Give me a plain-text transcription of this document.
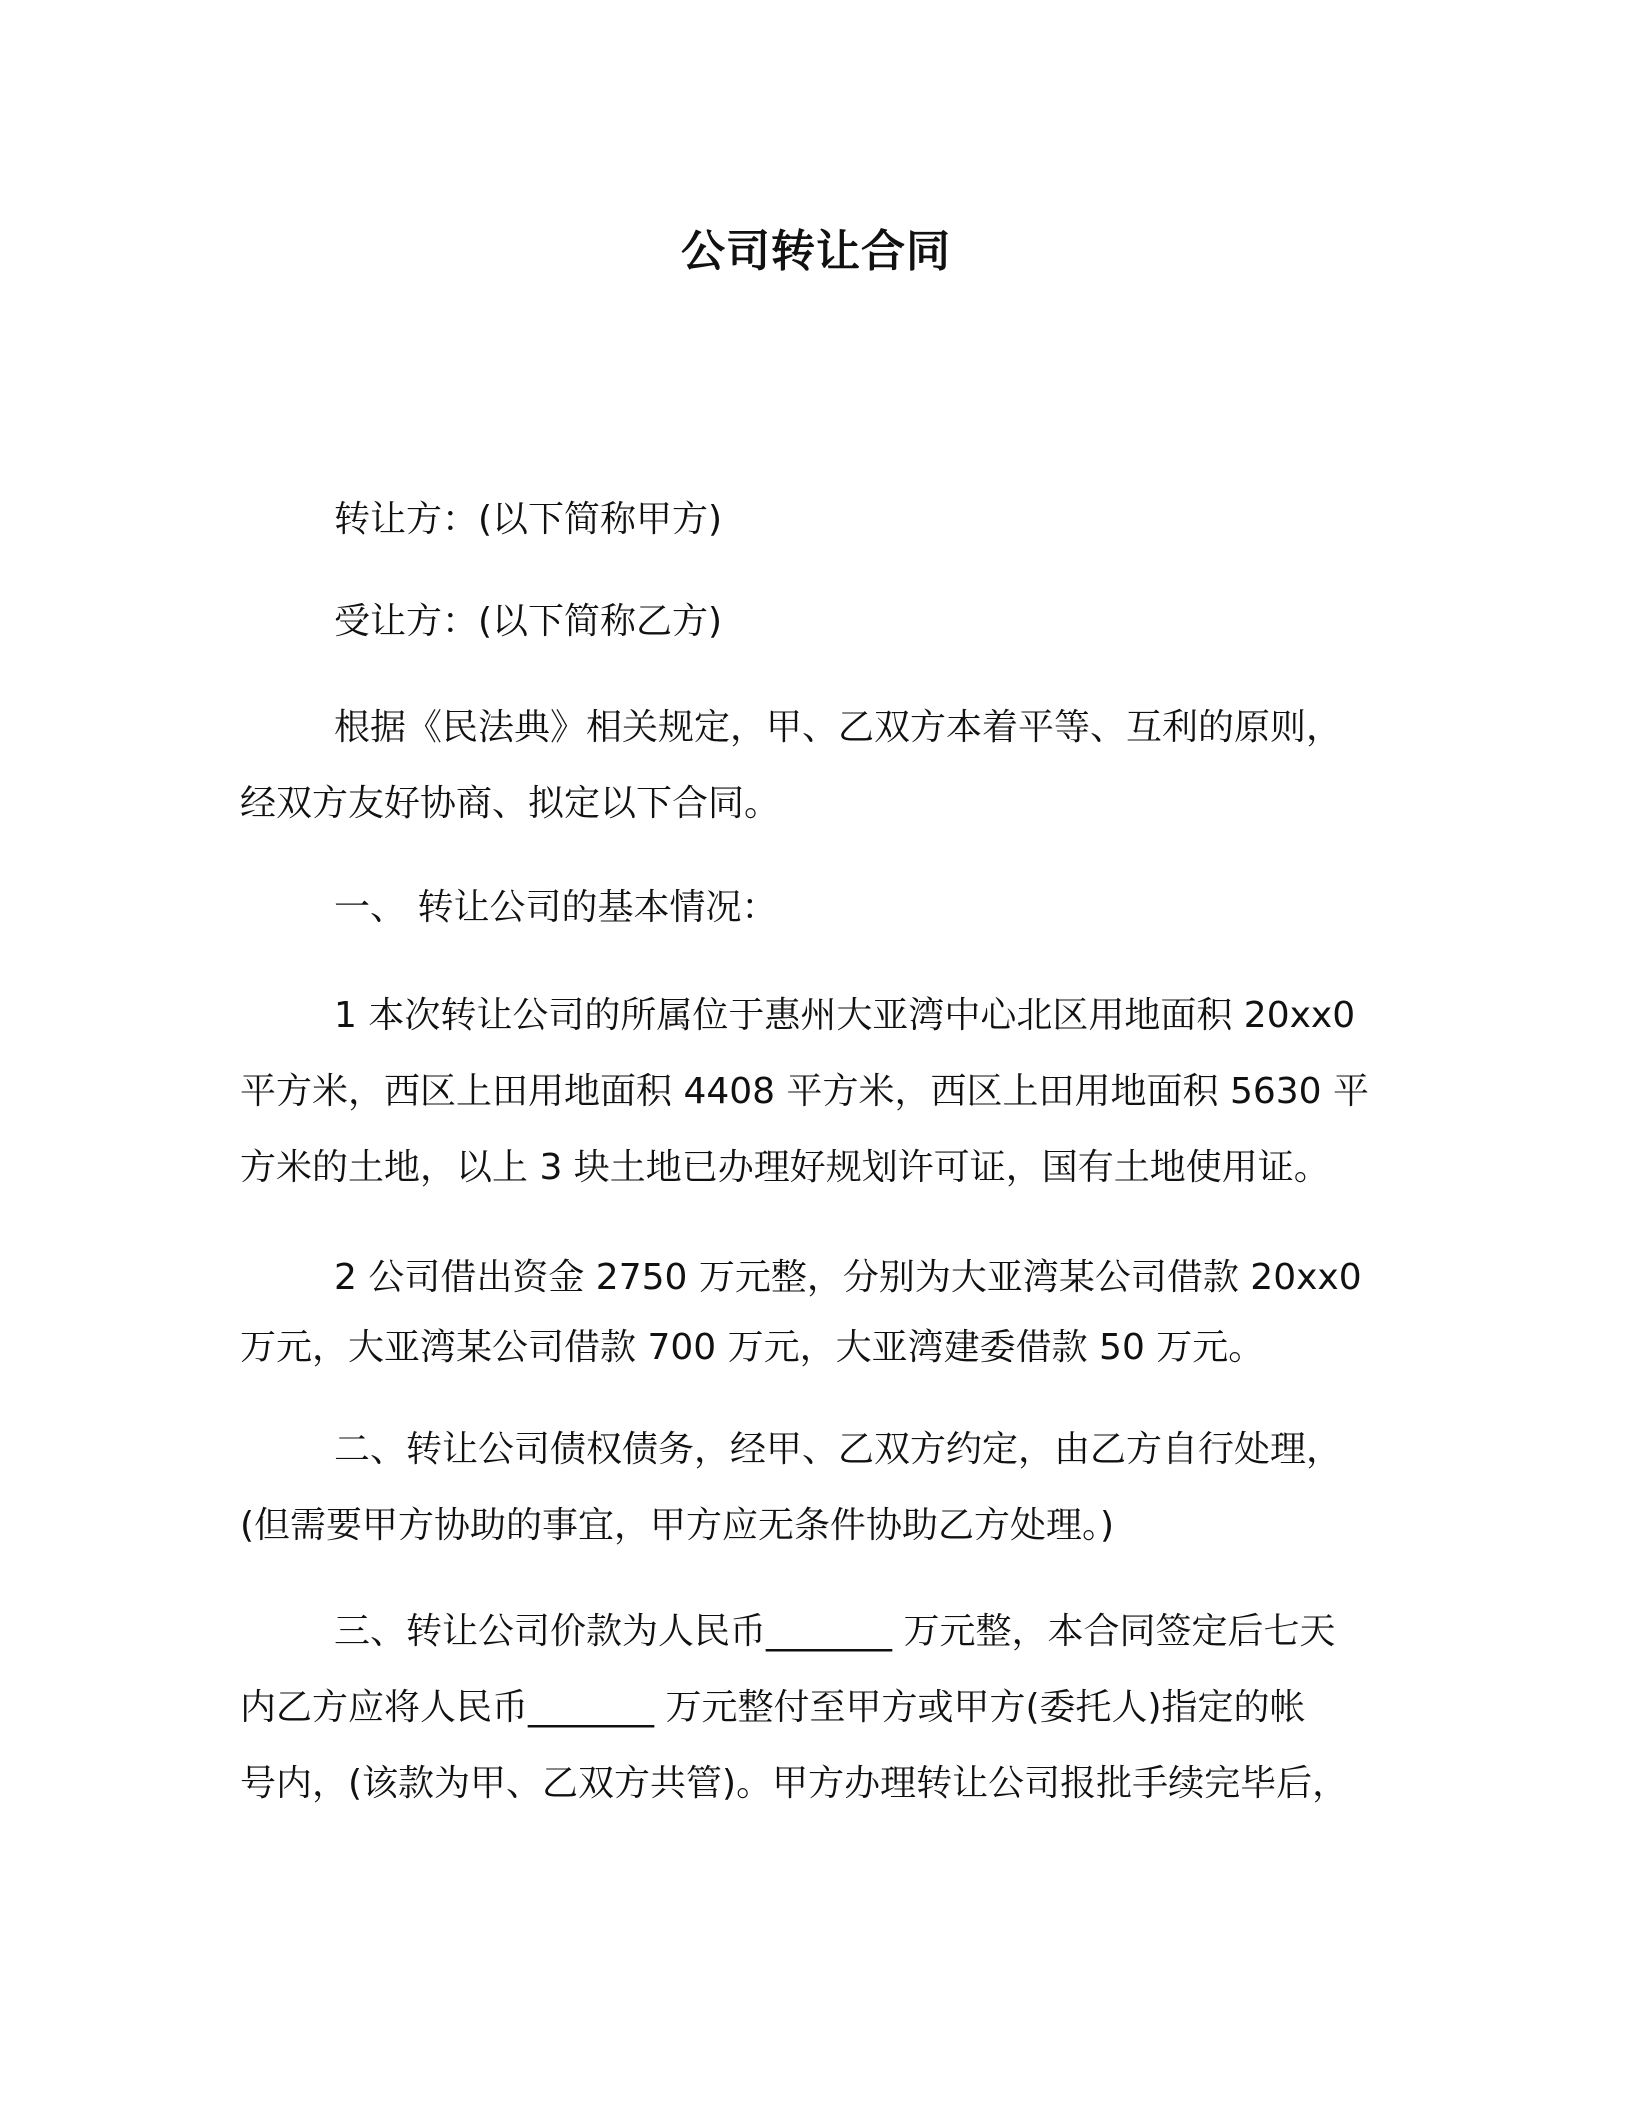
公司转让合同
转让方：(以下简称甲方)
受让方：(以下简称乙方)
根据《民法典》相关规定，甲、乙双方本着平等、互利的原则，
经双方友好协商、拟定以下合同。
一、 转让公司的基本情况：
1 本次转让公司的所属位于惠州大亚湾中心北区用地面积 20xx0
平方米，西区上田用地面积 4408 平方米，西区上田用地面积 5630 平
方米的土地，以上 3 块土地已办理好规划许可证，国有土地使用证。
2 公司借出资金 2750 万元整，分别为大亚湾某公司借款 20xx0
万元，大亚湾某公司借款 700 万元，大亚湾建委借款 50 万元。
二、转让公司债权债务，经甲、乙双方约定，由乙方自行处理，
(但需要甲方协助的事宜，甲方应无条件协助乙方处理。)
三、转让公司价款为人民币_______ 万元整，本合同签定后七天
内乙方应将人民币_______ 万元整付至甲方或甲方(委托人)指定的帐
号内，(该款为甲、乙双方共管)。甲方办理转让公司报批手续完毕后，
